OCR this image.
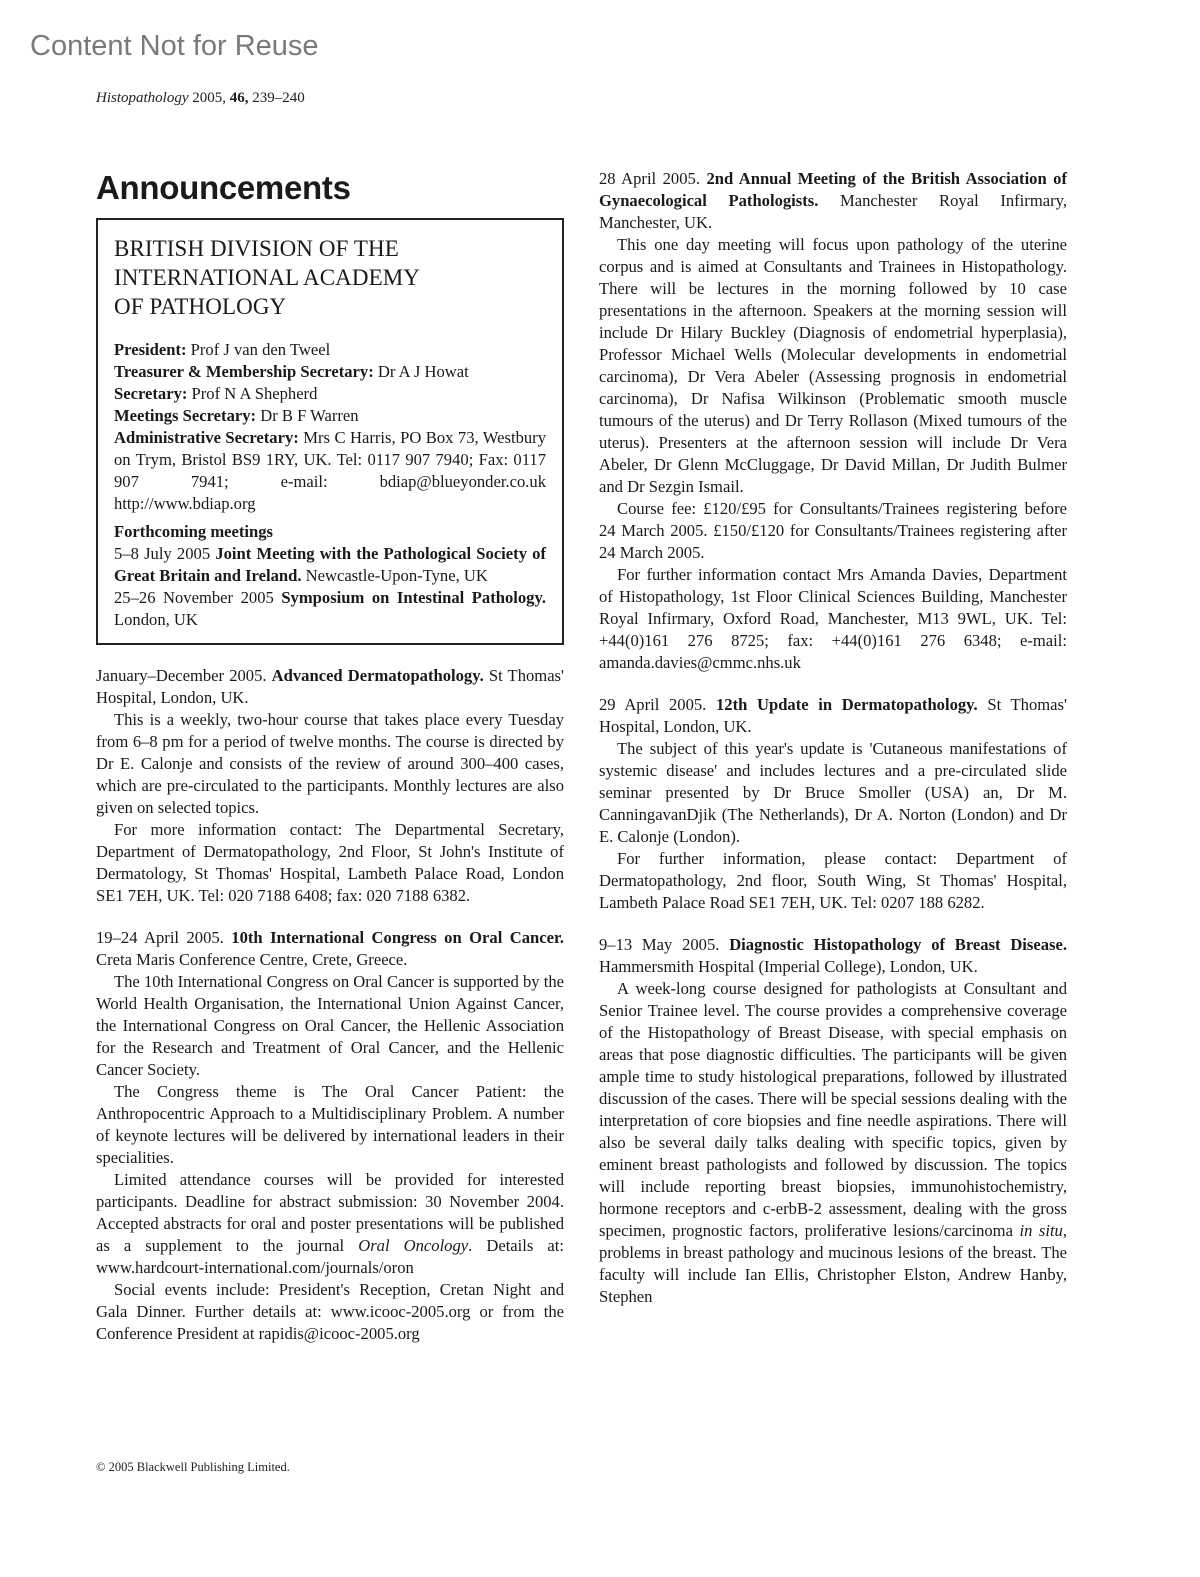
Content Not for Reuse
Histopathology 2005, 46, 239–240
Announcements
BRITISH DIVISION OF THE
INTERNATIONAL ACADEMY
OF PATHOLOGY

President: Prof J van den Tweel

Treasurer & Membership Secretary: Dr A J Howat

Secretary: Prof N A Shepherd

Meetings Secretary: Dr B F Warren

Administrative Secretary: Mrs C Harris, PO Box 73, Westbury on Trym, Bristol BS9 1RY, UK. Tel: 0117 907 7940; Fax: 0117 907 7941; e-mail: bdiap@blueyonder.co.uk http://www.bdiap.org

Forthcoming meetings

5–8 July 2005 Joint Meeting with the Pathological Society of Great Britain and Ireland. Newcastle-Upon-Tyne, UK

25–26 November 2005 Symposium on Intestinal Pathology. London, UK

January–December 2005. Advanced Dermatopathology. St Thomas' Hospital, London, UK.

This is a weekly, two-hour course that takes place every Tuesday from 6–8 pm for a period of twelve months. The course is directed by Dr E. Calonje and consists of the review of around 300–400 cases, which are pre-circulated to the participants. Monthly lectures are also given on selected topics.

For more information contact: The Departmental Secretary, Department of Dermatopathology, 2nd Floor, St John's Institute of Dermatology, St Thomas' Hospital, Lambeth Palace Road, London SE1 7EH, UK. Tel: 020 7188 6408; fax: 020 7188 6382.

19–24 April 2005. 10th International Congress on Oral Cancer. Creta Maris Conference Centre, Crete, Greece.

The 10th International Congress on Oral Cancer is supported by the World Health Organisation, the International Union Against Cancer, the International Congress on Oral Cancer, the Hellenic Association for the Research and Treatment of Oral Cancer, and the Hellenic Cancer Society.

The Congress theme is The Oral Cancer Patient: the Anthropocentric Approach to a Multidisciplinary Problem. A number of keynote lectures will be delivered by international leaders in their specialities.

Limited attendance courses will be provided for interested participants. Deadline for abstract submission: 30 November 2004. Accepted abstracts for oral and poster presentations will be published as a supplement to the journal Oral Oncology. Details at: www.hardcourt-international.com/journals/oron

Social events include: President's Reception, Cretan Night and Gala Dinner. Further details at: www.icooc-2005.org or from the Conference President at rapidis@icooc-2005.org

28 April 2005. 2nd Annual Meeting of the British Association of Gynaecological Pathologists. Manchester Royal Infirmary, Manchester, UK.

This one day meeting will focus upon pathology of the uterine corpus and is aimed at Consultants and Trainees in Histopathology. There will be lectures in the morning followed by 10 case presentations in the afternoon. Speakers at the morning session will include Dr Hilary Buckley (Diagnosis of endometrial hyperplasia), Professor Michael Wells (Molecular developments in endometrial carcinoma), Dr Vera Abeler (Assessing prognosis in endometrial carcinoma), Dr Nafisa Wilkinson (Problematic smooth muscle tumours of the uterus) and Dr Terry Rollason (Mixed tumours of the uterus). Presenters at the afternoon session will include Dr Vera Abeler, Dr Glenn McCluggage, Dr David Millan, Dr Judith Bulmer and Dr Sezgin Ismail.

Course fee: £120/£95 for Consultants/Trainees registering before 24 March 2005. £150/£120 for Consultants/Trainees registering after 24 March 2005.

For further information contact Mrs Amanda Davies, Department of Histopathology, 1st Floor Clinical Sciences Building, Manchester Royal Infirmary, Oxford Road, Manchester, M13 9WL, UK. Tel: +44(0)161 276 8725; fax: +44(0)161 276 6348; e-mail: amanda.davies@cmmc.nhs.uk

29 April 2005. 12th Update in Dermatopathology. St Thomas' Hospital, London, UK.

The subject of this year's update is 'Cutaneous manifestations of systemic disease' and includes lectures and a pre-circulated slide seminar presented by Dr Bruce Smoller (USA) an, Dr M. CanningavanDjik (The Netherlands), Dr A. Norton (London) and Dr E. Calonje (London).

For further information, please contact: Department of Dermatopathology, 2nd floor, South Wing, St Thomas' Hospital, Lambeth Palace Road SE1 7EH, UK. Tel: 0207 188 6282.

9–13 May 2005. Diagnostic Histopathology of Breast Disease. Hammersmith Hospital (Imperial College), London, UK.

A week-long course designed for pathologists at Consultant and Senior Trainee level. The course provides a comprehensive coverage of the Histopathology of Breast Disease, with special emphasis on areas that pose diagnostic difficulties. The participants will be given ample time to study histological preparations, followed by illustrated discussion of the cases. There will be special sessions dealing with the interpretation of core biopsies and fine needle aspirations. There will also be several daily talks dealing with specific topics, given by eminent breast pathologists and followed by discussion. The topics will include reporting breast biopsies, immunohistochemistry, hormone receptors and c-erbB-2 assessment, dealing with the gross specimen, prognostic factors, proliferative lesions/carcinoma in situ, problems in breast pathology and mucinous lesions of the breast. The faculty will include Ian Ellis, Christopher Elston, Andrew Hanby, Stephen

© 2005 Blackwell Publishing Limited.
